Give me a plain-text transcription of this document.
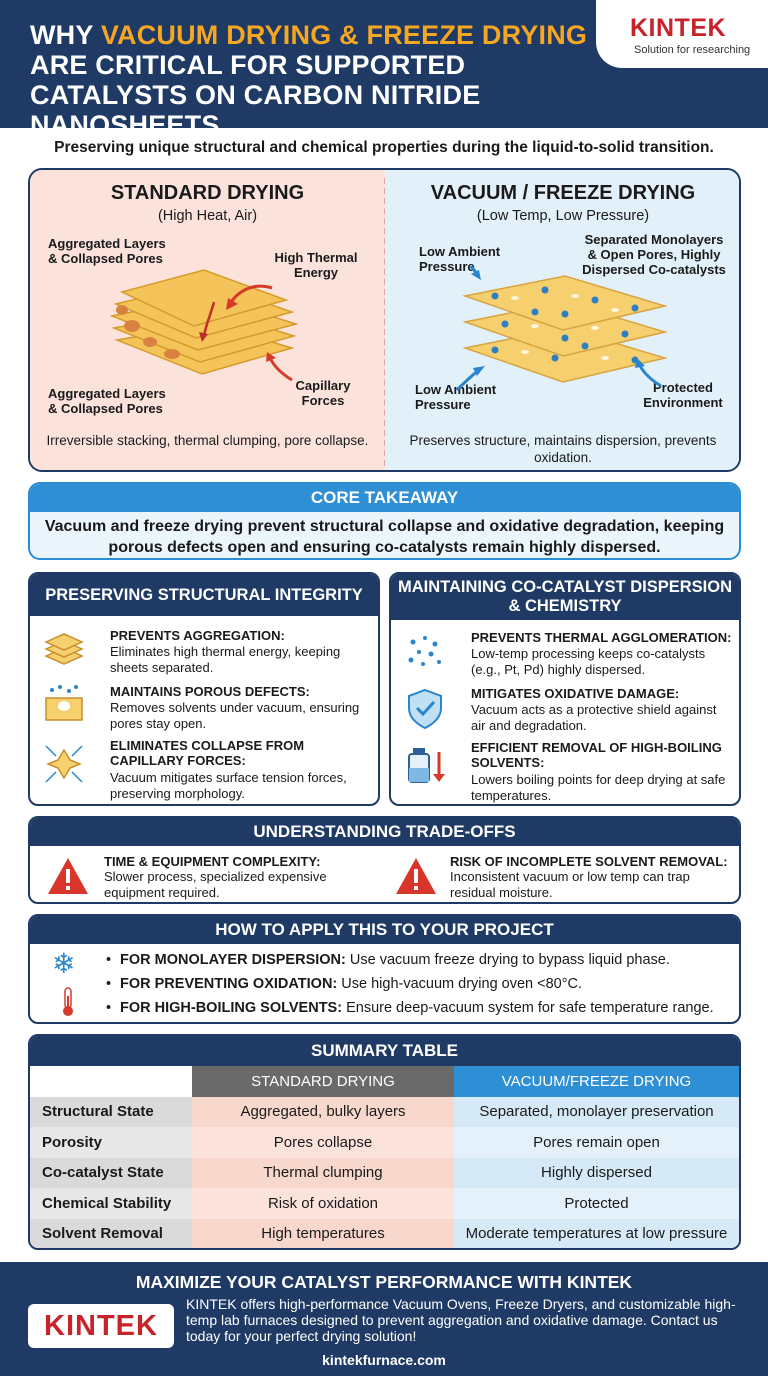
WHY VACUUM DRYING & FREEZE DRYING
ARE CRITICAL FOR SUPPORTED CATALYSTS ON CARBON NITRIDE NANOSHEETS
KINTEK
Solution for researching
Preserving unique structural and chemical properties during the liquid-to-solid transition.
STANDARD DRYING
(High Heat, Air)
Aggregated Layers & Collapsed Pores	High Thermal Energy
Aggregated Layers & Collapsed Pores
Capillary Forces
Irreversible stacking, thermal clumping, pore collapse.
VACUUM / FREEZE DRYING
(Low Temp, Low Pressure)
Low Ambient Pressure
Separated Monolayers & Open Pores, Highly Dispersed Co-catalysts
Low Ambient Pressure
Protected Environment
Preserves structure, maintains dispersion, prevents oxidation.
CORE TAKEAWAY
Vacuum and freeze drying prevent structural collapse and oxidative degradation, keeping porous defects open and ensuring co-catalysts remain highly dispersed.
PRESERVING STRUCTURAL INTEGRITY
PREVENTS AGGREGATION:
Eliminates high thermal energy, keeping sheets separated.
MAINTAINS POROUS DEFECTS:
Removes solvents under vacuum, ensuring pores stay open.
ELIMINATES COLLAPSE FROM CAPILLARY FORCES:
Vacuum mitigates surface tension forces, preserving morphology.
MAINTAINING CO-CATALYST DISPERSION & CHEMISTRY
PREVENTS THERMAL AGGLOMERATION:
Low-temp processing keeps co-catalysts (e.g., Pt, Pd) highly dispersed.
MITIGATES OXIDATIVE DAMAGE:
Vacuum acts as a protective shield against air and degradation.
EFFICIENT REMOVAL OF HIGH-BOILING SOLVENTS:
Lowers boiling points for deep drying at safe temperatures.
UNDERSTANDING TRADE-OFFS
TIME & EQUIPMENT COMPLEXITY:
Slower process, specialized expensive equipment required.
RISK OF INCOMPLETE SOLVENT REMOVAL:
Inconsistent vacuum or low temp can trap residual moisture.
HOW TO APPLY THIS TO YOUR PROJECT
❄ • FOR MONOLAYER DISPERSION: Use vacuum freeze drying to bypass liquid phase.
• FOR PREVENTING OXIDATION: Use high-vacuum drying oven <80°C.
• FOR HIGH-BOILING SOLVENTS: Ensure deep-vacuum system for safe temperature range.
SUMMARY TABLE
	STANDARD DRYING	VACUUM/FREEZE DRYING
Structural State	Aggregated, bulky layers	Separated, monolayer preservation
Porosity	Pores collapse	Pores remain open
Co-catalyst State	Thermal clumping	Highly dispersed
Chemical Stability	Risk of oxidation	Protected
Solvent Removal	High temperatures	Moderate temperatures at low pressure
MAXIMIZE YOUR CATALYST PERFORMANCE WITH KINTEK
KINTEK
KINTEK offers high-performance Vacuum Ovens, Freeze Dryers, and customizable high-temp lab furnaces designed to prevent aggregation and oxidative damage. Contact us today for your perfect drying solution!
kintekfurnace.com
